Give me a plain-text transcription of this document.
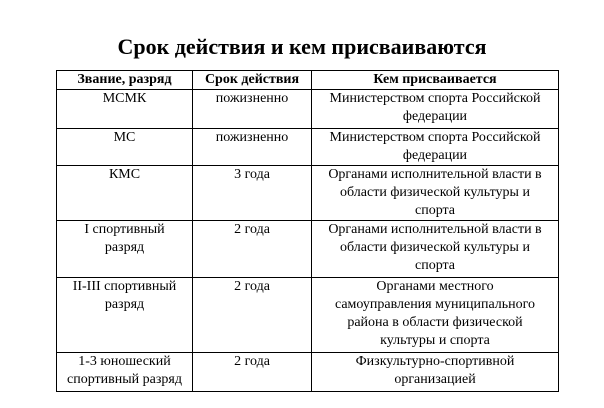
Срок действия и кем присваиваются
Звание, разряд	Срок действия	Кем присваивается
МСМК	пожизненно	Министерством спорта Российской
федерации
МС	пожизненно	Министерством спорта Российской
федерации
КМС	3 года	Органами исполнительной власти в
области физической культуры и
спорта
I спортивный
разряд	2 года	Органами исполнительной власти в
области физической культуры и
спорта
II-III спортивный
разряд	2 года	Органами местного
самоуправления муниципального
района в области физической
культуры и спорта
1-3 юношеский
спортивный разряд	2 года	Физкультурно-спортивной
организацией
